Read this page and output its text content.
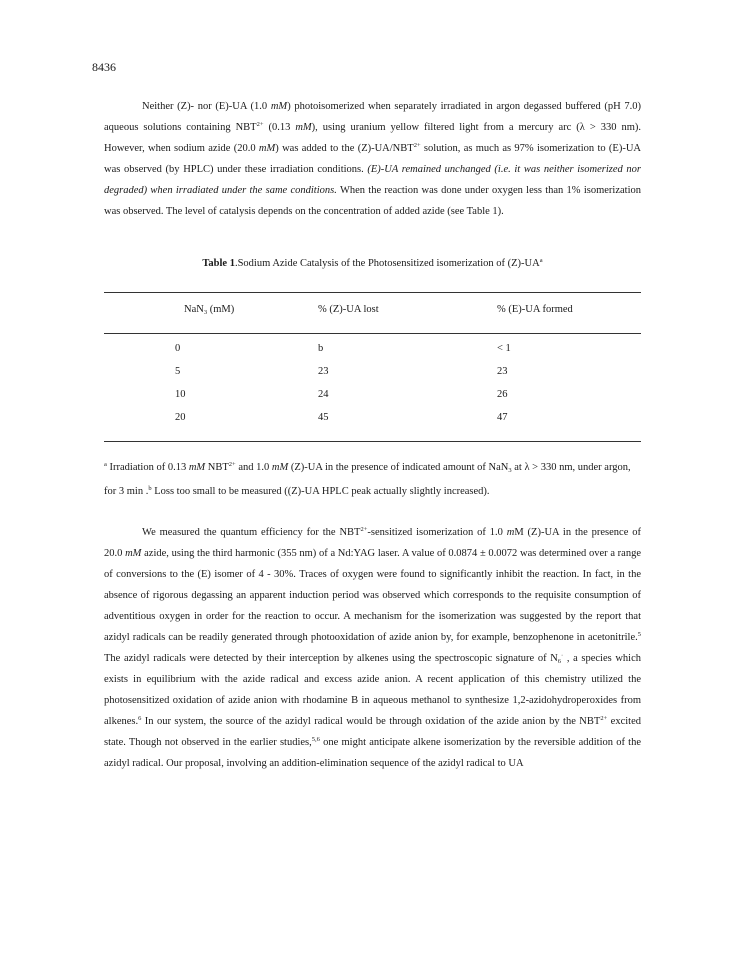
8436

Neither (Z)- nor (E)-UA (1.0 mM) photoisomerized when separately irradiated in argon degassed buffered (pH 7.0) aqueous solutions containing $NBT^{2+}$ (0.13 mM), using uranium yellow filtered light from a mercury arc (λ > 330 nm). However, when sodium azide (20.0 mM) was added to the $(Z)-UA/NBT^{2+}$ solution, as much as 97% isomerization to (E)-UA was observed (by HPLC) under these irradiation conditions. (E)-UA remained unchanged (i.e. it was neither isomerized nor degraded) when irradiated under the same conditions. When the reaction was done under oxygen less than 1% isomerization was observed. The level of catalysis depends on the concentration of added azide (see Table 1).

Table 1.Sodium Azide Catalysis of the Photosensitized isomerization of $(Z)-UA^a$

NaN$_3$ (mM)	% (Z)-UA lost	% (E)-UA formed
0	b	< 1
5	23	23
10	24	26
20	45	47

$^a$ Irradiation of 0.13 mM $NBT^{2+}$ and 1.0 mM (Z)-UA in the presence of indicated amount of NaN$_3$ at λ > 330 nm, under argon, for 3 min .$^b$ Loss too small to be measured ((Z)-UA HPLC peak actually slightly increased).

We measured the quantum efficiency for the $NBT^{2+}$-sensitized isomerization of 1.0 mM (Z)-UA in the presence of 20.0 mM azide, using the third harmonic (355 nm) of a Nd:YAG laser. A value of 0.0874 ± 0.0072 was determined over a range of conversions to the (E) isomer of 4 - 30%. Traces of oxygen were found to significantly inhibit the reaction. In fact, in the absence of rigorous degassing an apparent induction period was observed which corresponds to the requisite consumption of adventitious oxygen in order for the reaction to occur. A mechanism for the isomerization was suggested by the report that azidyl radicals can be readily generated through photooxidation of azide anion by, for example, benzophenone in acetonitrile.$^5$ The azidyl radicals were detected by their interception by alkenes using the spectroscopic signature of $N_6^\cdot$ , a species which exists in equilibrium with the azide radical and excess azide anion. A recent application of this chemistry utilized the photosensitized oxidation of azide anion with rhodamine B in aqueous methanol to synthesize 1,2-azidohydroperoxides from alkenes.$^6$ In our system, the source of the azidyl radical would be through oxidation of the azide anion by the $NBT^{2+}$ excited state. Though not observed in the earlier studies,$^{5,6}$ one might anticipate alkene isomerization by the reversible addition of the azidyl radical. Our proposal, involving an addition-elimination sequence of the azidyl radical to UA
